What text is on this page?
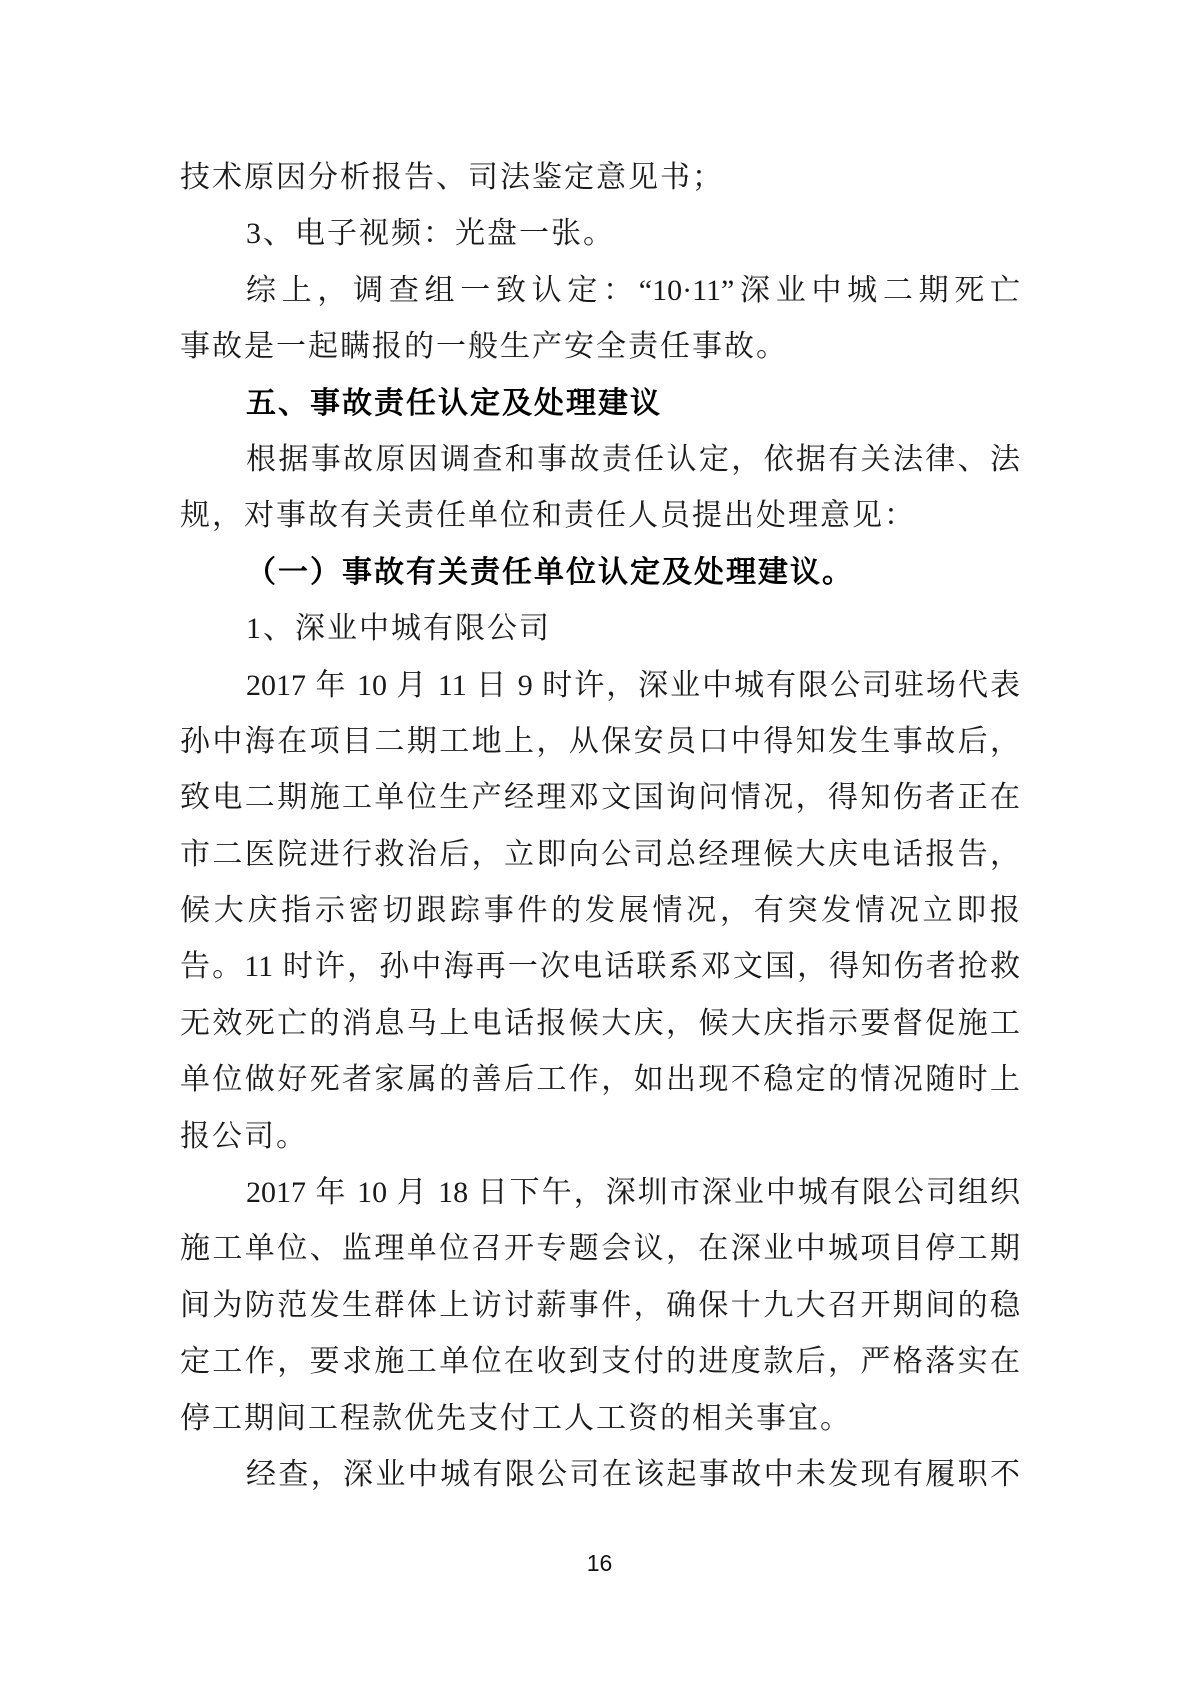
技术原因分析报告、司法鉴定意见书；
3、电子视频：光盘一张。
综上，调查组一致认定：“10·11”深业中城二期死亡
事故是一起瞒报的一般生产安全责任事故。
五、事故责任认定及处理建议
根据事故原因调查和事故责任认定，依据有关法律、法
规，对事故有关责任单位和责任人员提出处理意见：
（一）事故有关责任单位认定及处理建议。
1、深业中城有限公司
2017 年 10 月 11 日 9 时许，深业中城有限公司驻场代表
孙中海在项目二期工地上，从保安员口中得知发生事故后，
致电二期施工单位生产经理邓文国询问情况，得知伤者正在
市二医院进行救治后，立即向公司总经理候大庆电话报告，
候大庆指示密切跟踪事件的发展情况，有突发情况立即报
告。11 时许，孙中海再一次电话联系邓文国，得知伤者抢救
无效死亡的消息马上电话报候大庆，候大庆指示要督促施工
单位做好死者家属的善后工作，如出现不稳定的情况随时上
报公司。
2017 年 10 月 18 日下午，深圳市深业中城有限公司组织
施工单位、监理单位召开专题会议，在深业中城项目停工期
间为防范发生群体上访讨薪事件，确保十九大召开期间的稳
定工作，要求施工单位在收到支付的进度款后，严格落实在
停工期间工程款优先支付工人工资的相关事宜。
经查，深业中城有限公司在该起事故中未发现有履职不
16
